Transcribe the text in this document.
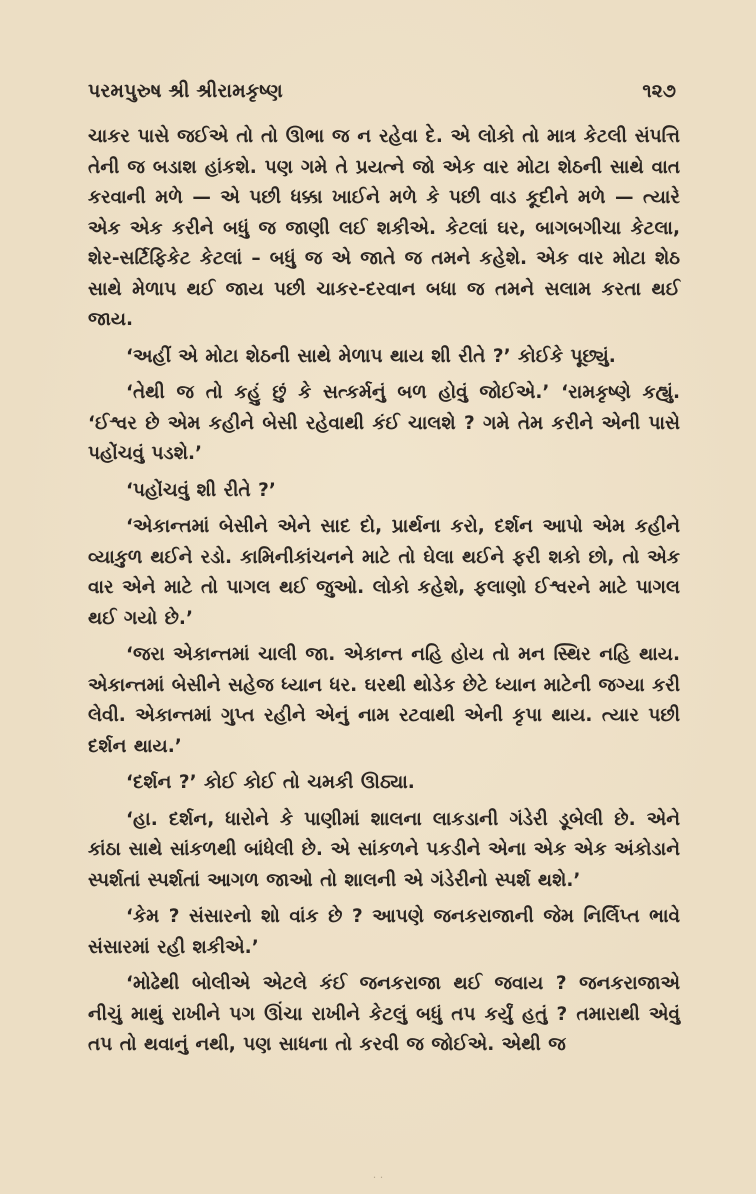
પરમપુરુષ શ્રી શ્રીરામકૃષ્ણ	૧૨૭

ચાકર પાસે જઈએ તો તો ઊભા જ ન રહેવા દે. એ લોકો તો માત્ર કેટલી સંપત્તિ તેની જ બડાશ હાંકશે. પણ ગમે તે પ્રયત્ને જો એક વાર મોટા શેઠની સાથે વાત કરવાની મળે — એ પછી ધક્કા ખાઈને મળે કે પછી વાડ કૂદીને મળે — ત્યારે એક એક કરીને બધું જ જાણી લઈ શકીએ. કેટલાં ઘર, બાગબગીચા કેટલા, શેર-સર્ટિફિકેટ કેટલાં – બધું જ એ જાતે જ તમને કહેશે. એક વાર મોટા શેઠ સાથે મેળાપ થઈ જાય પછી ચાકર-દરવાન બધા જ તમને સલામ કરતા થઈ જાય.

‘અહીં એ મોટા શેઠની સાથે મેળાપ થાય શી રીતે ?’ કોઈકે પૂછ્યું.

‘તેથી જ તો કહું છું કે સત્કર્મનું બળ હોવું જોઈએ.’ ‘રામકૃષ્ણે કહ્યું. ‘ઈશ્વર છે એમ કહીને બેસી રહેવાથી કંઈ ચાલશે ? ગમે તેમ કરીને એની પાસે પહોંચવું પડશે.’

‘પહોંચવું શી રીતે ?’

‘એકાન્તમાં બેસીને એને સાદ દો, પ્રાર્થના કરો, દર્શન આપો એમ કહીને વ્યાકુળ થઈને રડો. કામિનીકાંચનને માટે તો ઘેલા થઈને ફરી શકો છો, તો એક વાર એને માટે તો પાગલ થઈ જુઓ. લોકો કહેશે, ફલાણો ઈશ્વરને માટે પાગલ થઈ ગયો છે.’

‘જરા એકાન્તમાં ચાલી જા. એકાન્ત નહિ હોય તો મન સ્થિર નહિ થાય. એકાન્તમાં બેસીને સહેજ ધ્યાન ધર. ઘરથી થોડેક છેટે ધ્યાન માટેની જગ્યા કરી લેવી. એકાન્તમાં ગુપ્ત રહીને એનું નામ રટવાથી એની કૃપા થાય. ત્યાર પછી દર્શન થાય.’

‘દર્શન ?’ કોઈ કોઈ તો ચમકી ઊઠ્યા.

‘હા. દર્શન, ધારોને કે પાણીમાં શાલના લાકડાની ગંડેરી ડૂબેલી છે. એને કાંઠા સાથે સાંકળથી બાંધેલી છે. એ સાંકળને પકડીને એના એક એક અંકોડાને સ્પર્શતાં સ્પર્શતાં આગળ જાઓ તો શાલની એ ગંડેરીનો સ્પર્શ થશે.’

‘કેમ ? સંસારનો શો વાંક છે ? આપણે જનકરાજાની જેમ નિર્લિપ્ત ભાવે સંસારમાં રહી શકીએ.’

‘મોઢેથી બોલીએ એટલે કંઈ જનકરાજા થઈ જવાય ? જનકરાજાએ નીચું માથું રાખીને પગ ઊંચા રાખીને કેટલું બધું તપ કર્યું હતું ? તમારાથી એવું તપ તો થવાનું નથી, પણ સાધના તો કરવી જ જોઈએ. એથી જ

· ·
